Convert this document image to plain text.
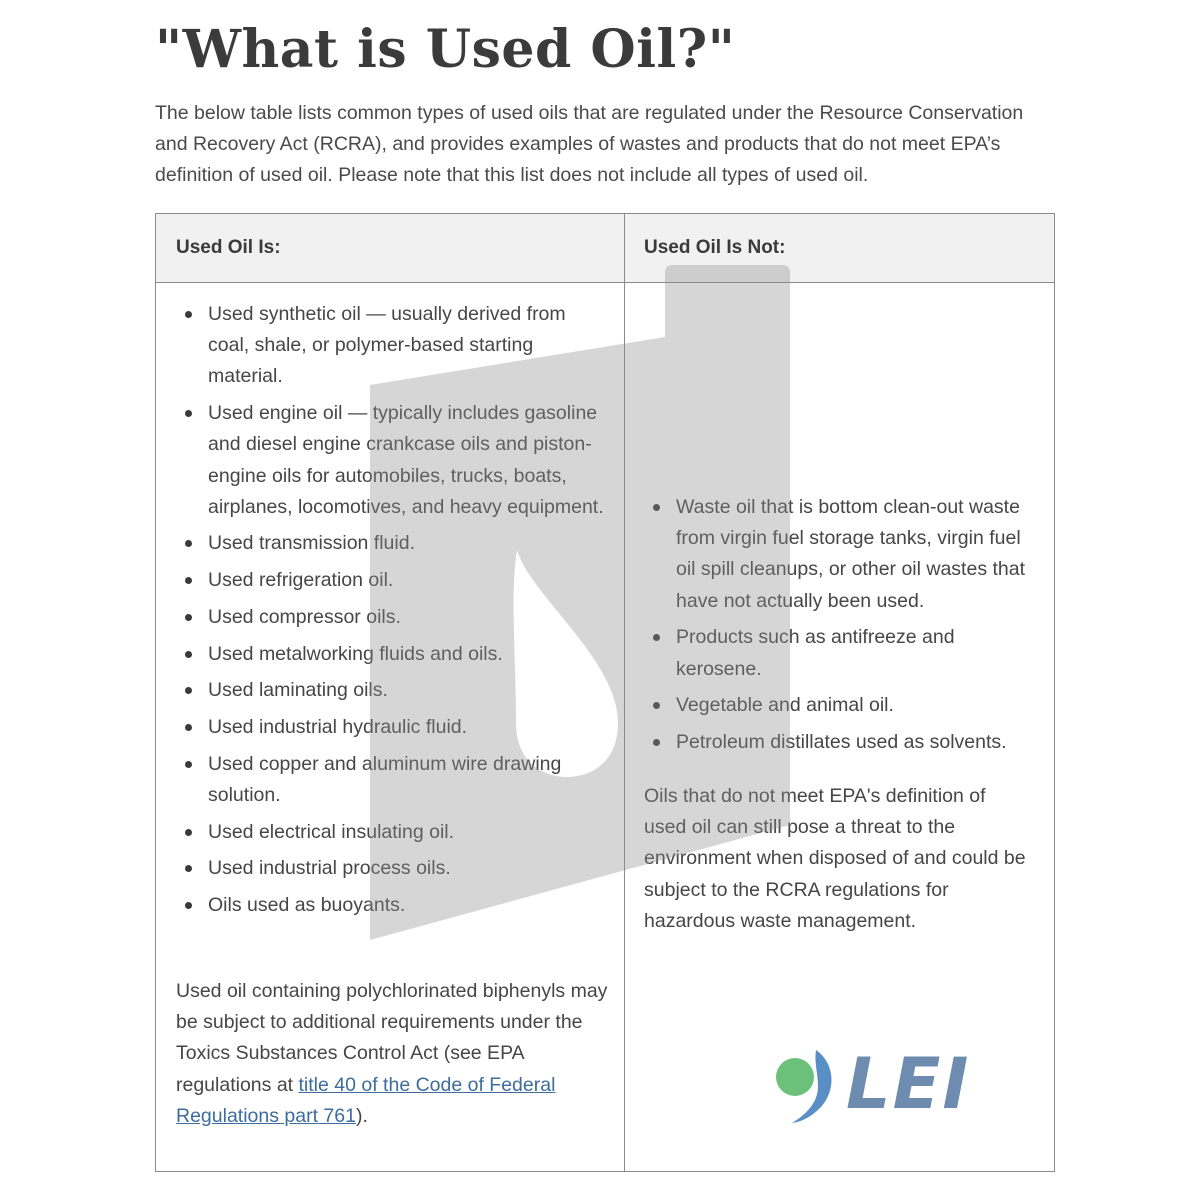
"What is Used Oil?"

The below table lists common types of used oils that are regulated under the Resource Conservation and Recovery Act (RCRA), and provides examples of wastes and products that do not meet EPA’s definition of used oil. Please note that this list does not include all types of used oil.

Used Oil Is:	Used Oil Is Not:
Used synthetic oil — usually derived from coal, shale, or polymer-based starting material.
Used engine oil — typically includes gasoline and diesel engine crankcase oils and piston-engine oils for automobiles, trucks, boats, airplanes, locomotives, and heavy equipment.
Used transmission fluid.
Used refrigeration oil.
Used compressor oils.
Used metalworking fluids and oils.
Used laminating oils.
Used industrial hydraulic fluid.
Used copper and aluminum wire drawing solution.
Used electrical insulating oil.
Used industrial process oils.
Oils used as buoyants.

Used oil containing polychlorinated biphenyls may be subject to additional requirements under the Toxics Substances Control Act (see EPA regulations at title 40 of the Code of Federal Regulations part 761).

Waste oil that is bottom clean-out waste from virgin fuel storage tanks, virgin fuel oil spill cleanups, or other oil wastes that have not actually been used.
Products such as antifreeze and kerosene.
Vegetable and animal oil.
Petroleum distillates used as solvents.

Oils that do not meet EPA's definition of used oil can still pose a threat to the environment when disposed of and could be subject to the RCRA regulations for hazardous waste management.

LEI
